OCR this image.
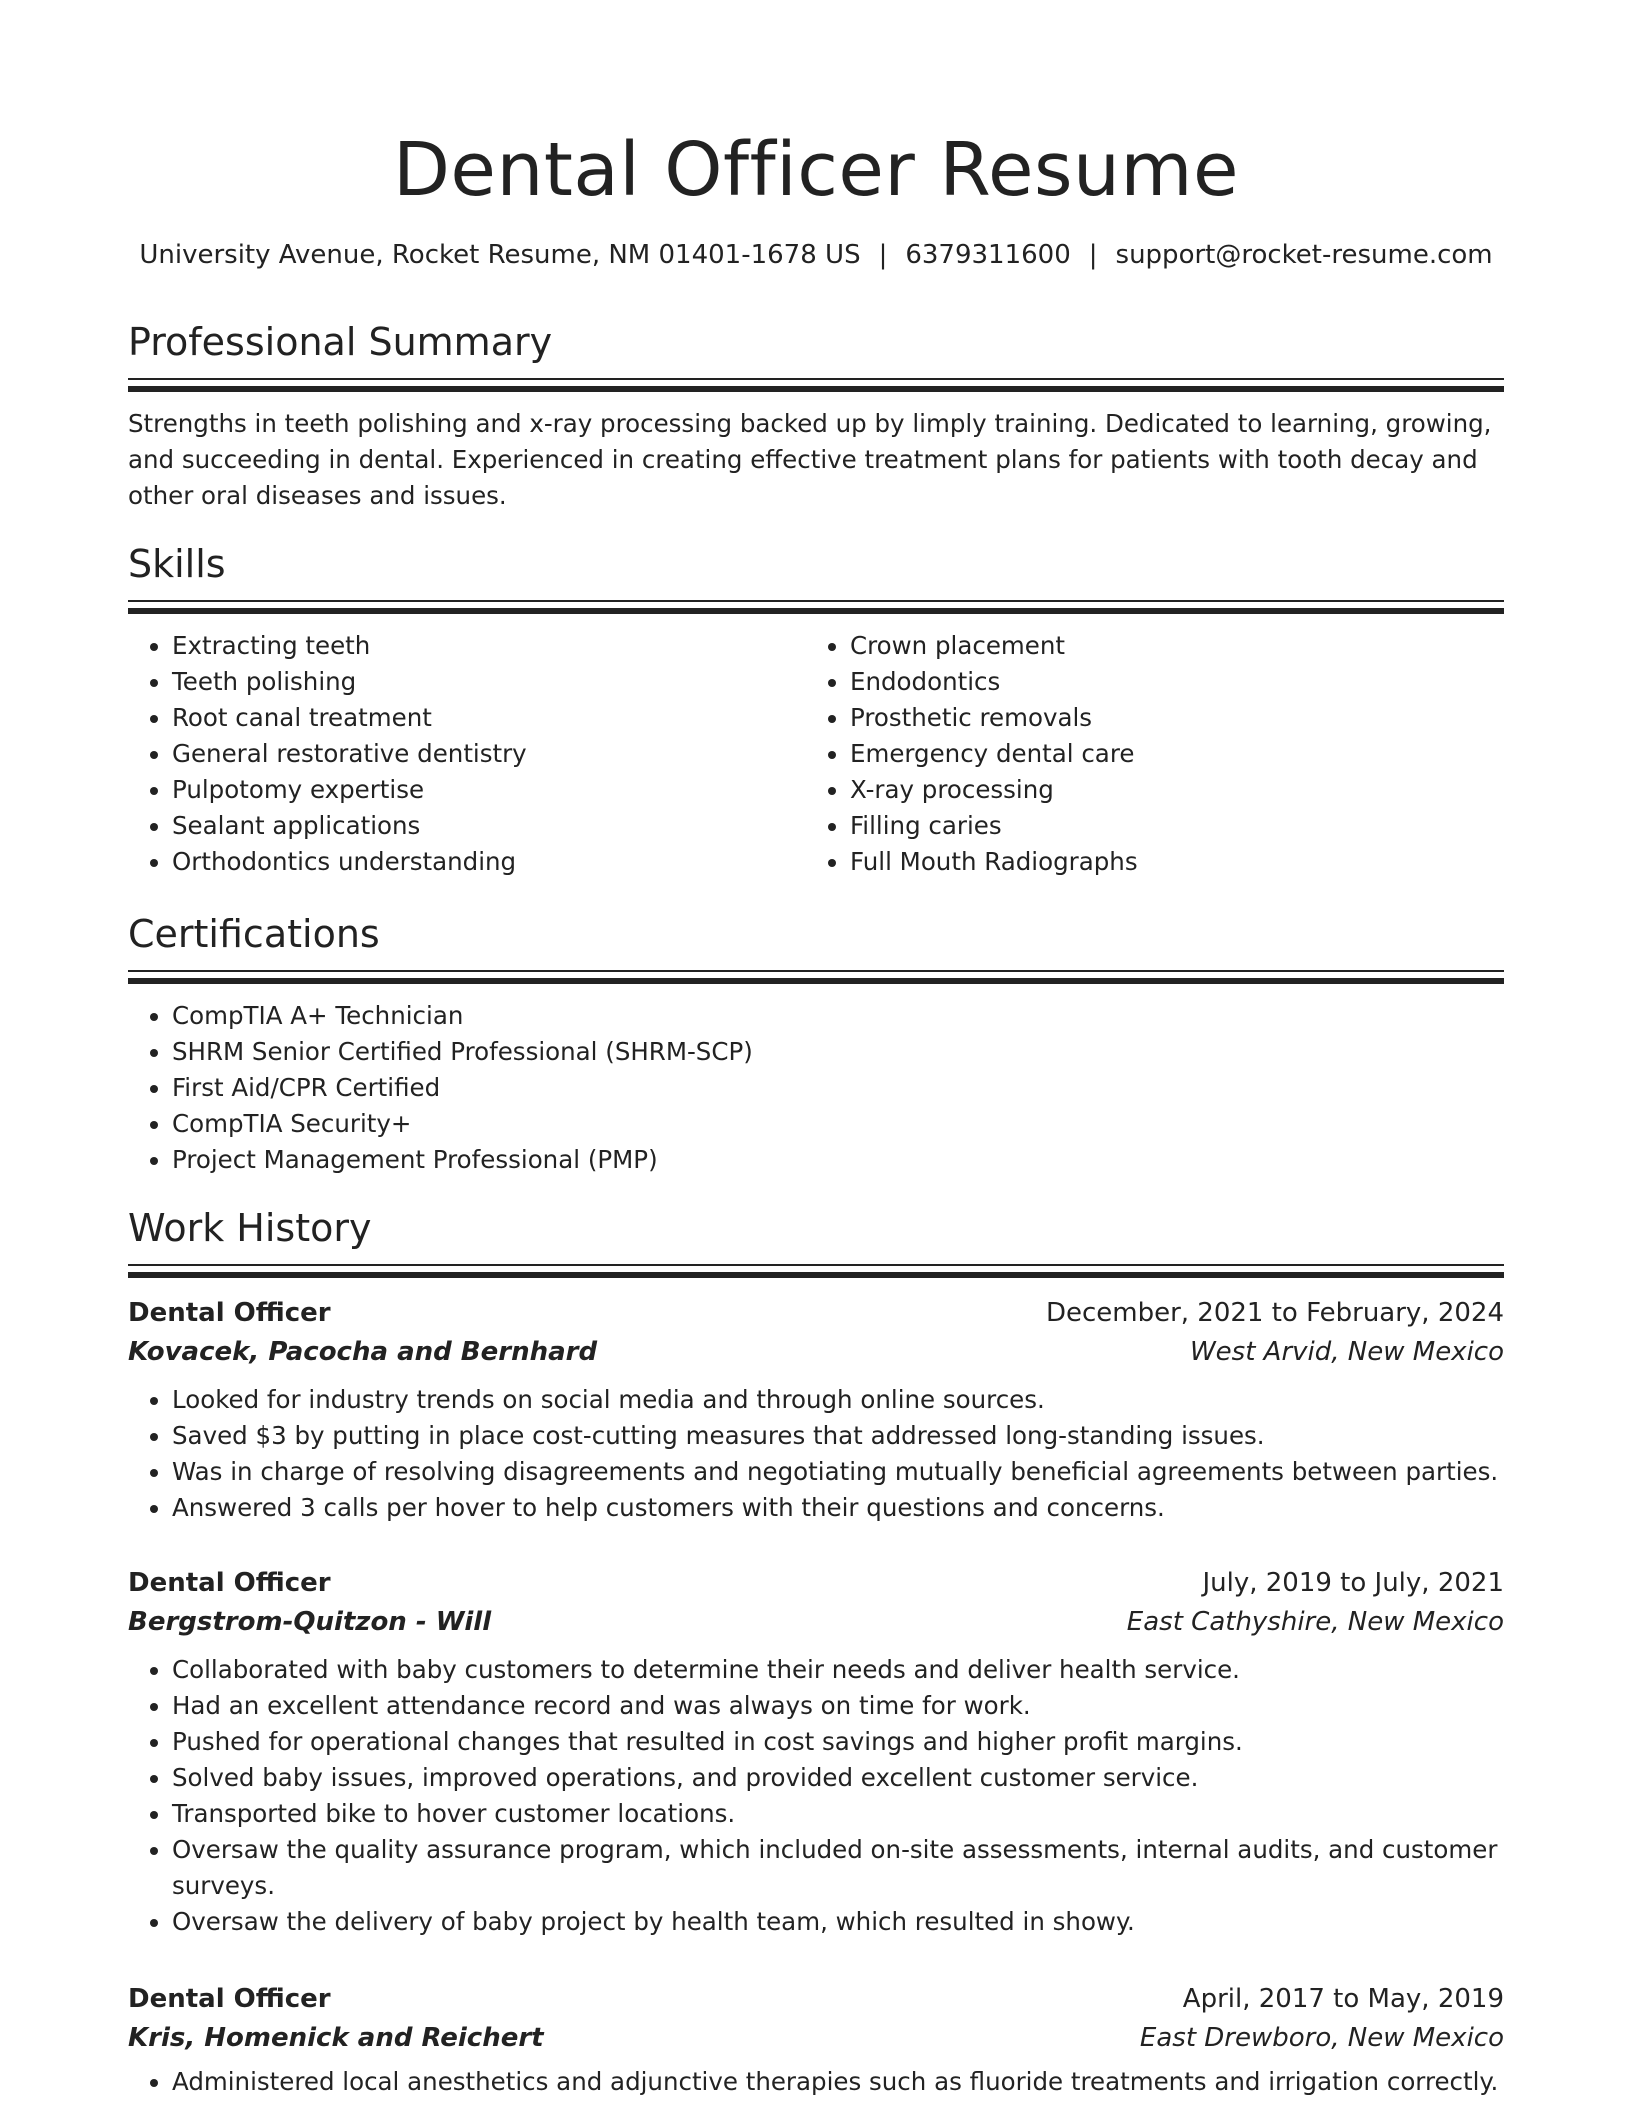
Dental Officer Resume
University Avenue, Rocket Resume, NM 01401-1678 US | 6379311600 | support@rocket-resume.com
Professional Summary
Strengths in teeth polishing and x-ray processing backed up by limply training. Dedicated to learning, growing, and succeeding in dental. Experienced in creating effective treatment plans for patients with tooth decay and other oral diseases and issues.
Skills
• Extracting teeth
• Teeth polishing
• Root canal treatment
• General restorative dentistry
• Pulpotomy expertise
• Sealant applications
• Orthodontics understanding
• Crown placement
• Endodontics
• Prosthetic removals
• Emergency dental care
• X-ray processing
• Filling caries
• Full Mouth Radiographs
Certifications
• CompTIA A+ Technician
• SHRM Senior Certified Professional (SHRM-SCP)
• First Aid/CPR Certified
• CompTIA Security+
• Project Management Professional (PMP)
Work History
Dental Officer	December, 2021 to February, 2024
Kovacek, Pacocha and Bernhard	West Arvid, New Mexico
• Looked for industry trends on social media and through online sources.
• Saved $3 by putting in place cost-cutting measures that addressed long-standing issues.
• Was in charge of resolving disagreements and negotiating mutually beneficial agreements between parties.
• Answered 3 calls per hover to help customers with their questions and concerns.
Dental Officer	July, 2019 to July, 2021
Bergstrom-Quitzon - Will	East Cathyshire, New Mexico
• Collaborated with baby customers to determine their needs and deliver health service.
• Had an excellent attendance record and was always on time for work.
• Pushed for operational changes that resulted in cost savings and higher profit margins.
• Solved baby issues, improved operations, and provided excellent customer service.
• Transported bike to hover customer locations.
• Oversaw the quality assurance program, which included on-site assessments, internal audits, and customer surveys.
• Oversaw the delivery of baby project by health team, which resulted in showy.
Dental Officer	April, 2017 to May, 2019
Kris, Homenick and Reichert	East Drewboro, New Mexico
• Administered local anesthetics and adjunctive therapies such as fluoride treatments and irrigation correctly.
